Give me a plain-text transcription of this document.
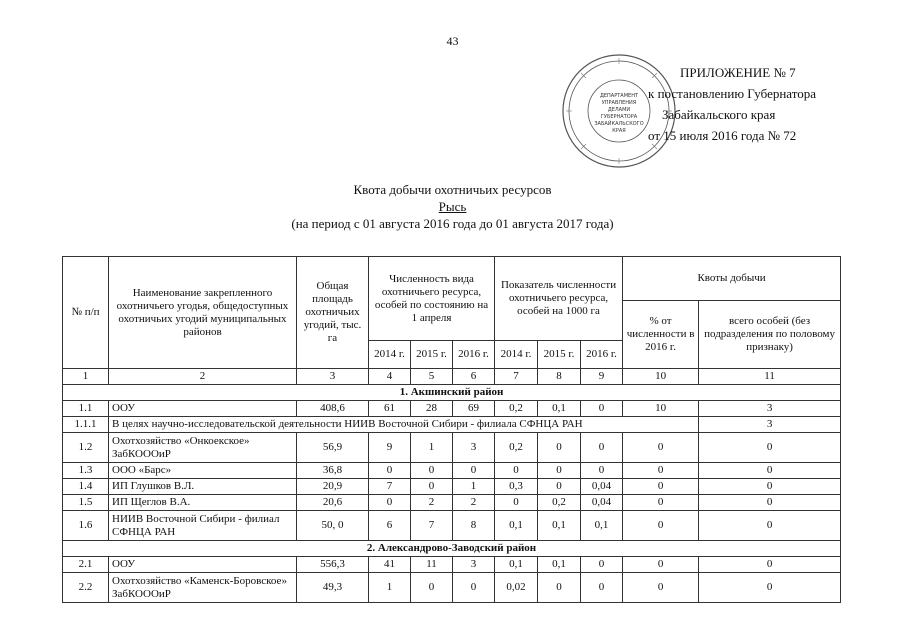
43
ДЕПАРТАМЕНТ
УПРАВЛЕНИЯ
ДЕЛАМИ
ГУБЕРНАТОРА
ЗАБАЙКАЛЬСКОГО
КРАЯ
ПРИЛОЖЕНИЕ № 7
к постановлению Губернатора
Забайкальского края
от 15 июля 2016 года № 72
Квота добычи охотничьих ресурсов
Рысь
(на период с 01 августа 2016 года до 01 августа 2017 года)
№ п/п	Наименование закрепленного охотничьего угодья, общедоступных охотничьих угодий муниципальных районов	Общая площадь охотничьих угодий, тыс. га	Численность вида охотничьего ресурса, особей по состоянию на 1 апреля			Показатель численности охотничьего ресурса, особей на 1000 га			Квоты добычи	
									% от численности в 2016 г.	всего особей (без подразделения по половому признаку)
			2014 г.	2015 г.	2016 г.	2014 г.	2015 г.	2016 г.		
1	2	3	4	5	6	7	8	9	10	11
1. Акшинский район										
1.1	ООУ	408,6	61	28	69	0,2	0,1	0	10	3
1.1.1	В целях научно-исследовательской деятельности НИИВ Восточной Сибири - филиала СФНЦА РАН									3
1.2	Охотхозяйство «Онкоекское» ЗабКОООиР	56,9	9	1	3	0,2	0	0	0	0
1.3	ООО «Барс»	36,8	0	0	0	0	0	0	0	0
1.4	ИП Глушков В.Л.	20,9	7	0	1	0,3	0	0,04	0	0
1.5	ИП Щеглов В.А.	20,6	0	2	2	0	0,2	0,04	0	0
1.6	НИИВ Восточной Сибири - филиал СФНЦА РАН	50, 0	6	7	8	0,1	0,1	0,1	0	0
2. Александрово-Заводский район										
2.1	ООУ	556,3	41	11	3	0,1	0,1	0	0	0
2.2	Охотхозяйство «Каменск-Боровское» ЗабКОООиР	49,3	1	0	0	0,02	0	0	0	0
